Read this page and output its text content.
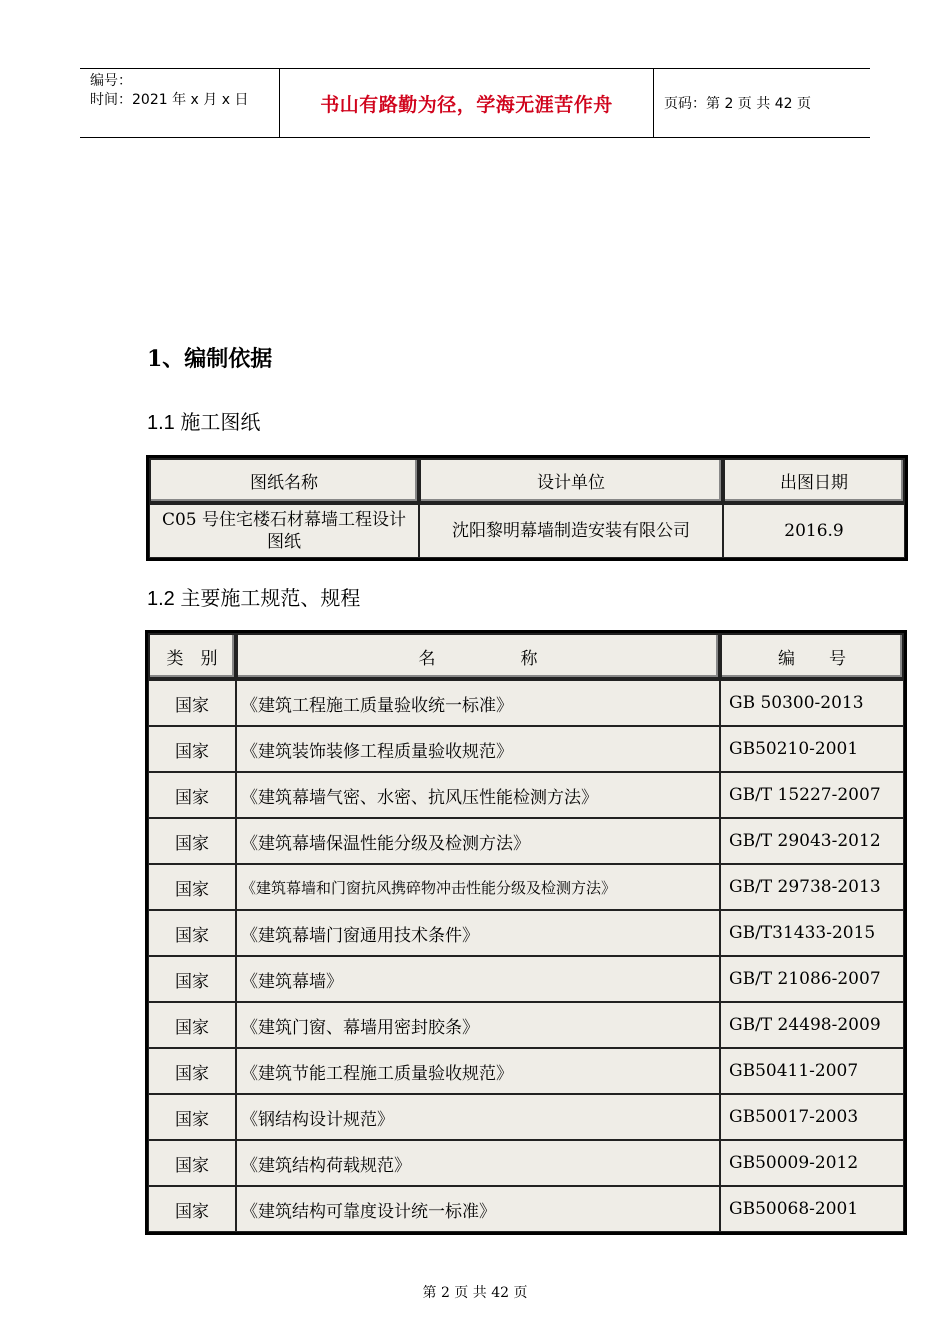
编号：
时间：2021 年 x 月 x 日	书山有路勤为径，学海无涯苦作舟	页码：第 2 页 共 42 页
1、编制依据
1.1 施工图纸
图纸名称	设计单位	出图日期
C05 号住宅楼石材幕墙工程设计图纸	沈阳黎明幕墙制造安装有限公司	2016.9
1.2 主要施工规范、规程
类　别	名　　　　　称	编　　号
国家	《建筑工程施工质量验收统一标准》	GB 50300-2013
国家	《建筑装饰装修工程质量验收规范》	GB50210-2001
国家	《建筑幕墙气密、水密、抗风压性能检测方法》	GB/T 15227-2007
国家	《建筑幕墙保温性能分级及检测方法》	GB/T 29043-2012
国家	《建筑幕墙和门窗抗风携碎物冲击性能分级及检测方法》	GB/T 29738-2013
国家	《建筑幕墙门窗通用技术条件》	GB/T31433-2015
国家	《建筑幕墙》	GB/T 21086-2007
国家	《建筑门窗、幕墙用密封胶条》	GB/T 24498-2009
国家	《建筑节能工程施工质量验收规范》	GB50411-2007
国家	《钢结构设计规范》	GB50017-2003
国家	《建筑结构荷载规范》	GB50009-2012
国家	《建筑结构可靠度设计统一标准》	GB50068-2001
第 2 页 共 42 页
